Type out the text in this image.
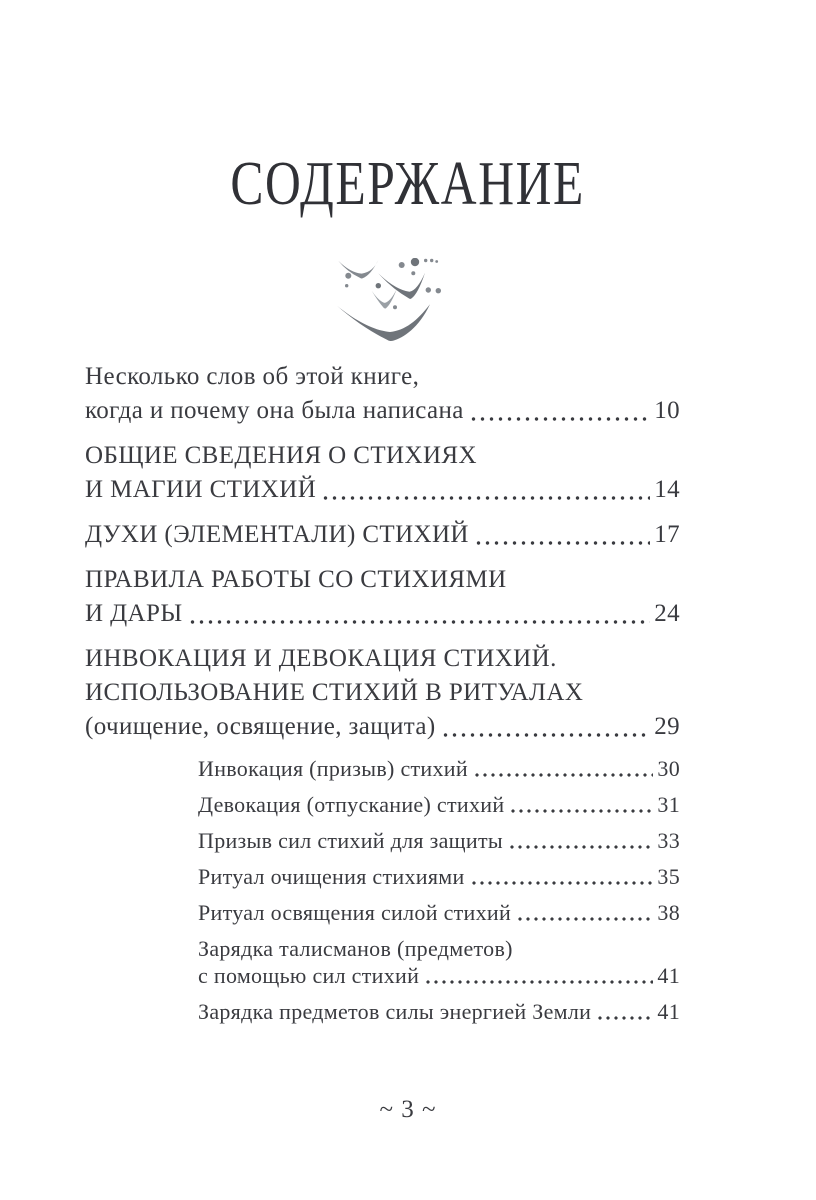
СОДЕРЖАНИЕ
Несколько слов об этой книге,
когда и почему она была написана	10
ОБЩИЕ СВЕДЕНИЯ О СТИХИЯХ
И МАГИИ СТИХИЙ	14
ДУХИ (ЭЛЕМЕНТАЛИ) СТИХИЙ	17
ПРАВИЛА РАБОТЫ СО СТИХИЯМИ
И ДАРЫ	24
ИНВОКАЦИЯ И ДЕВОКАЦИЯ СТИХИЙ.
ИСПОЛЬЗОВАНИЕ СТИХИЙ В РИТУАЛАХ
(очищение, освящение, защита)	29
Инвокация (призыв) стихий	30
Девокация (отпускание) стихий	31
Призыв сил стихий для защиты	33
Ритуал очищения стихиями	35
Ритуал освящения силой стихий	38
Зарядка талисманов (предметов)
с помощью сил стихий	41
Зарядка предметов силы энергией Земли	41
~ 3 ~
